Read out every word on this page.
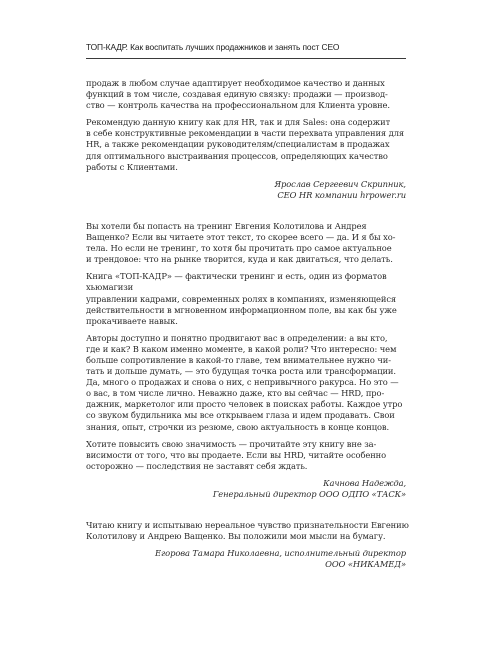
ТОП-КАДР. Как воспитать лучших продажников и занять пост СЕО
продаж в любом случае адаптирует необходимое качество и данных
функций в том числе, создавая единую связку: продажи — производ-
ство — контроль качества на профессиональном для Клиента уровне.
Рекомендую данную книгу как для HR, так и для Sales: она содержит
в себе конструктивные рекомендации в части перехвата управления для
HR, а также рекомендации руководителям/специалистам в продажах
для оптимального выстраивания процессов, определяющих качество
работы с Клиентами.
Ярослав Сергеевич Скрипник,
CEO HR компании hrpower.ru
Вы хотели бы попасть на тренинг Евгения Колотилова и Андрея
Ващенко? Если вы читаете этот текст, то скорее всего — да. И я бы хо-
тела. Но если не тренинг, то хотя бы прочитать про самое актуальное
и трендовое: что на рынке творится, куда и как двигаться, что делать.
Книга «ТОП-КАДР» — фактически тренинг и есть, один из форматов
хьюмагизи
управлении кадрами, современных ролях в компаниях, изменяющейся
действительности в мгновенном информационном поле, вы как бы уже
прокачиваете навык.
Авторы доступно и понятно продвигают вас в определении: а вы кто,
где и как? В каком именно моменте, в какой роли? Что интересно: чем
больше сопротивление в какой-то главе, тем внимательнее нужно чи-
тать и дольше думать, — это будущая точка роста или трансформации.
Да, много о продажах и снова о них, с непривычного ракурса. Но это —
о вас, в том числе лично. Неважно даже, кто вы сейчас — HRD, про-
дажник, маркетолог или просто человек в поисках работы. Каждое утро
со звуком будильника мы все открываем глаза и идем продавать. Свои
знания, опыт, строчки из резюме, свою актуальность в конце концов.
Хотите повысить свою значимость — прочитайте эту книгу вне за-
висимости от того, что вы продаете. Если вы HRD, читайте особенно
осторожно — последствия не заставят себя ждать.
Качнова Надежда,
Генеральный директор ООО ОДПО «ТАСК»
Читаю книгу и испытываю нереальное чувство признательности Евгению
Колотилову и Андрею Ващенко. Вы положили мои мысли на бумагу.
Егорова Тамара Николаевна, исполнительный директор
ООО «НИКАМЕД»
